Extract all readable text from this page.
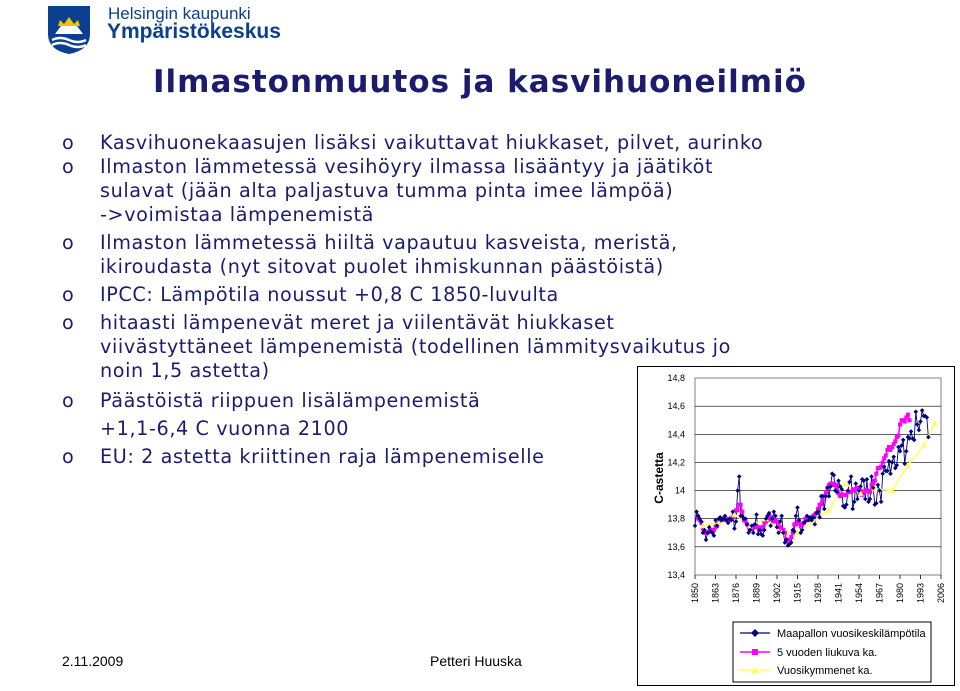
Helsingin kaupunki
Ympäristökeskus
Ilmastonmuutos ja kasvihuoneilmiö
o Kasvihuonekaasujen lisäksi vaikuttavat hiukkaset, pilvet, aurinko
o Ilmaston lämmetessä vesihöyry ilmassa lisääntyy ja jäätiköt
sulavat (jään alta paljastuva tumma pinta imee lämpöä)
->voimistaa lämpenemistä
o Ilmaston lämmetessä hiiltä vapautuu kasveista, meristä,
ikiroudasta (nyt sitovat puolet ihmiskunnan päästöistä)
o IPCC: Lämpötila noussut +0,8 C 1850-luvulta
o hitaasti lämpenevät meret ja viilentävät hiukkaset
viivästyttäneet lämpenemistä (todellinen lämmitysvaikutus jo
noin 1,5 astetta)
o Päästöistä riippuen lisälämpenemistä
+1,1-6,4 C vuonna 2100
o EU: 2 astetta kriittinen raja lämpenemiselle
2.11.2009	Petteri Huuska
13,4
13,6
13,8
14
14,2
14,4
14,6
14,8
1850 1863 1876 1889 1902 1915 1928 1941 1954 1967 1980 1993 2006
C-astetta
Maapallon vuosikeskilämpötila
5 vuoden liukuva ka.
Vuosikymmenet ka.
